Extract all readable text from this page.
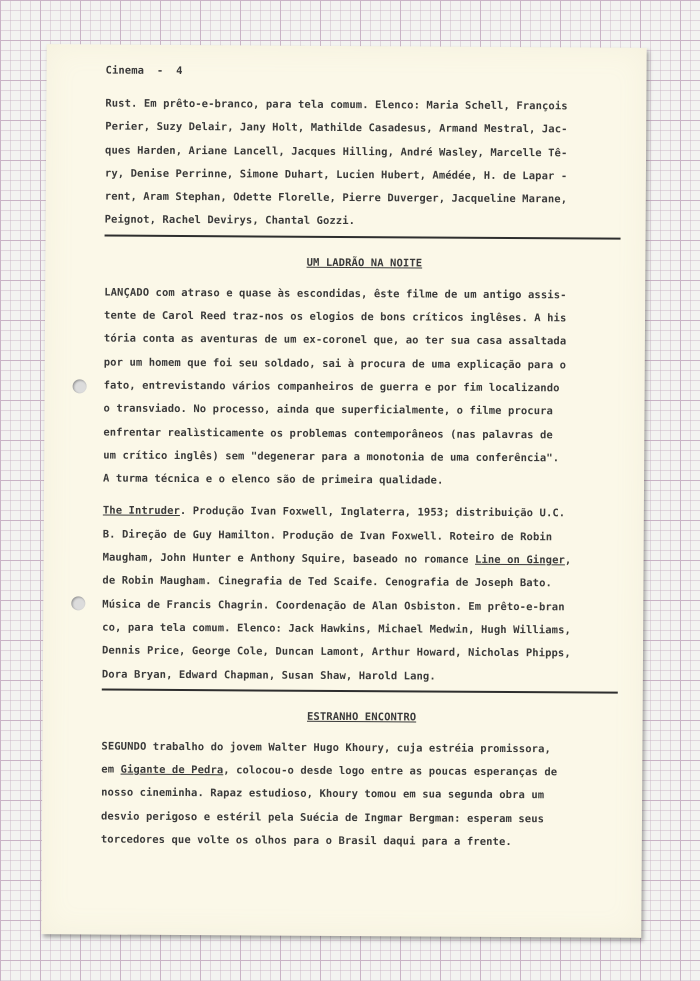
Cinema  -  4

Rust. Em prêto-e-branco, para tela comum. Elenco: Maria Schell, François

Perier, Suzy Delair, Jany Holt, Mathilde Casadesus, Armand Mestral, Jac-

ques Harden, Ariane Lancell, Jacques Hilling, André Wasley, Marcelle Tê-

ry, Denise Perrinne, Simone Duhart, Lucien Hubert, Amédée, H. de Lapar -

rent, Aram Stephan, Odette Florelle, Pierre Duverger, Jacqueline Marane,

Peignot, Rachel Devirys, Chantal Gozzi.

UM LADRÃO NA NOITE

LANÇADO com atraso e quase às escondidas, êste filme de um antigo assis-

tente de Carol Reed traz-nos os elogios de bons críticos inglêses. A his

tória conta as aventuras de um ex-coronel que, ao ter sua casa assaltada

por um homem que foi seu soldado, sai à procura de uma explicação para o

fato, entrevistando vários companheiros de guerra e por fim localizando

o transviado. No processo, ainda que superficialmente, o filme procura

enfrentar realìsticamente os problemas contemporâneos (nas palavras de

um crítico inglês) sem "degenerar para a monotonia de uma conferência".

A turma técnica e o elenco são de primeira qualidade.

The Intruder. Produção Ivan Foxwell, Inglaterra, 1953; distribuição U.C.

B. Direção de Guy Hamilton. Produção de Ivan Foxwell. Roteiro de Robin

Maugham, John Hunter e Anthony Squire, baseado no romance Line on Ginger,

de Robin Maugham. Cinegrafia de Ted Scaife. Cenografia de Joseph Bato.

Música de Francis Chagrin. Coordenação de Alan Osbiston. Em prêto-e-bran

co, para tela comum. Elenco: Jack Hawkins, Michael Medwin, Hugh Williams,

Dennis Price, George Cole, Duncan Lamont, Arthur Howard, Nicholas Phipps,

Dora Bryan, Edward Chapman, Susan Shaw, Harold Lang.

ESTRANHO ENCONTRO

SEGUNDO trabalho do jovem Walter Hugo Khoury, cuja estréia promissora,

em Gigante de Pedra, colocou-o desde logo entre as poucas esperanças de

nosso cineminha. Rapaz estudioso, Khoury tomou em sua segunda obra um

desvio perigoso e estéril pela Suécia de Ingmar Bergman: esperam seus

torcedores que volte os olhos para o Brasil daqui para a frente.
